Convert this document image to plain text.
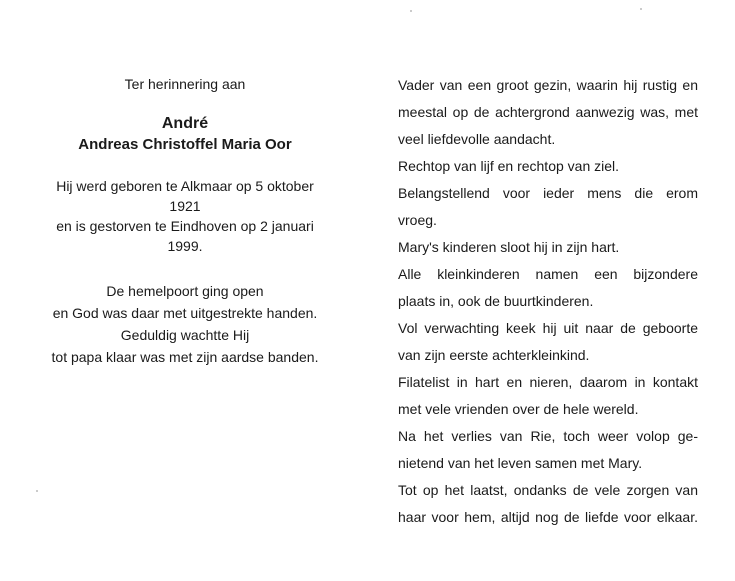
Ter herinnering aan
André
Andreas Christoffel Maria Oor
Hij werd geboren te Alkmaar op 5 oktober 1921
en is gestorven te Eindhoven op 2 januari 1999.
De hemelpoort ging open
en God was daar met uitgestrekte handen.
Geduldig wachtte Hij
tot papa klaar was met zijn aardse banden.
Vader van een groot gezin, waarin hij rustig en
meestal op de achtergrond aanwezig was, met
veel liefdevolle aandacht.
Rechtop van lijf en rechtop van ziel.
Belangstellend voor ieder mens die erom
vroeg.
Mary's kinderen sloot hij in zijn hart.
Alle kleinkinderen namen een bijzondere
plaats in, ook de buurtkinderen.
Vol verwachting keek hij uit naar de geboorte
van zijn eerste achterkleinkind.
Filatelist in hart en nieren, daarom in kontakt
met vele vrienden over de hele wereld.
Na het verlies van Rie, toch weer volop ge-
nietend van het leven samen met Mary.
Tot op het laatst, ondanks de vele zorgen van
haar voor hem, altijd nog de liefde voor elkaar.
